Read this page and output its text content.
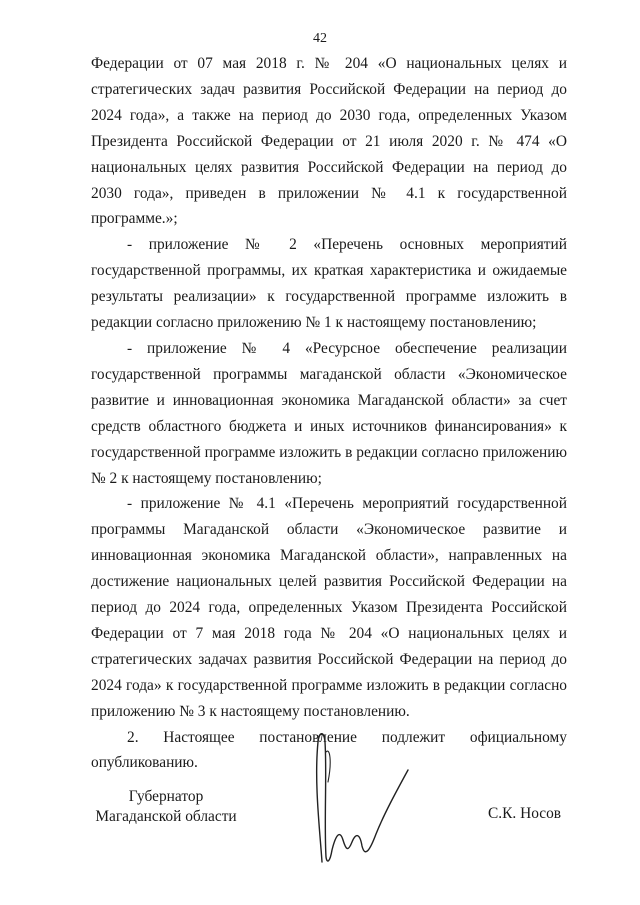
42

Федерации от 07 мая 2018 г. № 204 «О национальных целях и стратегических задач развития Российской Федерации на период до 2024 года», а также на период до 2030 года, определенных Указом Президента Российской Федерации от 21 июля 2020 г. № 474 «О национальных целях развития Российской Федерации на период до 2030 года», приведен в приложении № 4.1 к государственной программе.»;

- приложение № 2 «Перечень основных мероприятий государственной программы, их краткая характеристика и ожидаемые результаты реализации» к государственной программе изложить в редакции согласно приложению № 1 к настоящему постановлению;

- приложение № 4 «Ресурсное обеспечение реализации государственной программы магаданской области «Экономическое развитие и инновационная экономика Магаданской области» за счет средств областного бюджета и иных источников финансирования» к государственной программе изложить в редакции согласно приложению № 2 к настоящему постановлению;

- приложение № 4.1 «Перечень мероприятий государственной программы Магаданской области «Экономическое развитие и инновационная экономика Магаданской области», направленных на достижение национальных целей развития Российской Федерации на период до 2024 года, определенных Указом Президента Российской Федерации от 7 мая 2018 года № 204 «О национальных целях и стратегических задачах развития Российской Федерации на период до 2024 года» к государственной программе изложить в редакции согласно приложению № 3 к настоящему постановлению.

2. Настоящее постановление подлежит официальному опубликованию.

Губернатор
Магаданской области	С.К. Носов
